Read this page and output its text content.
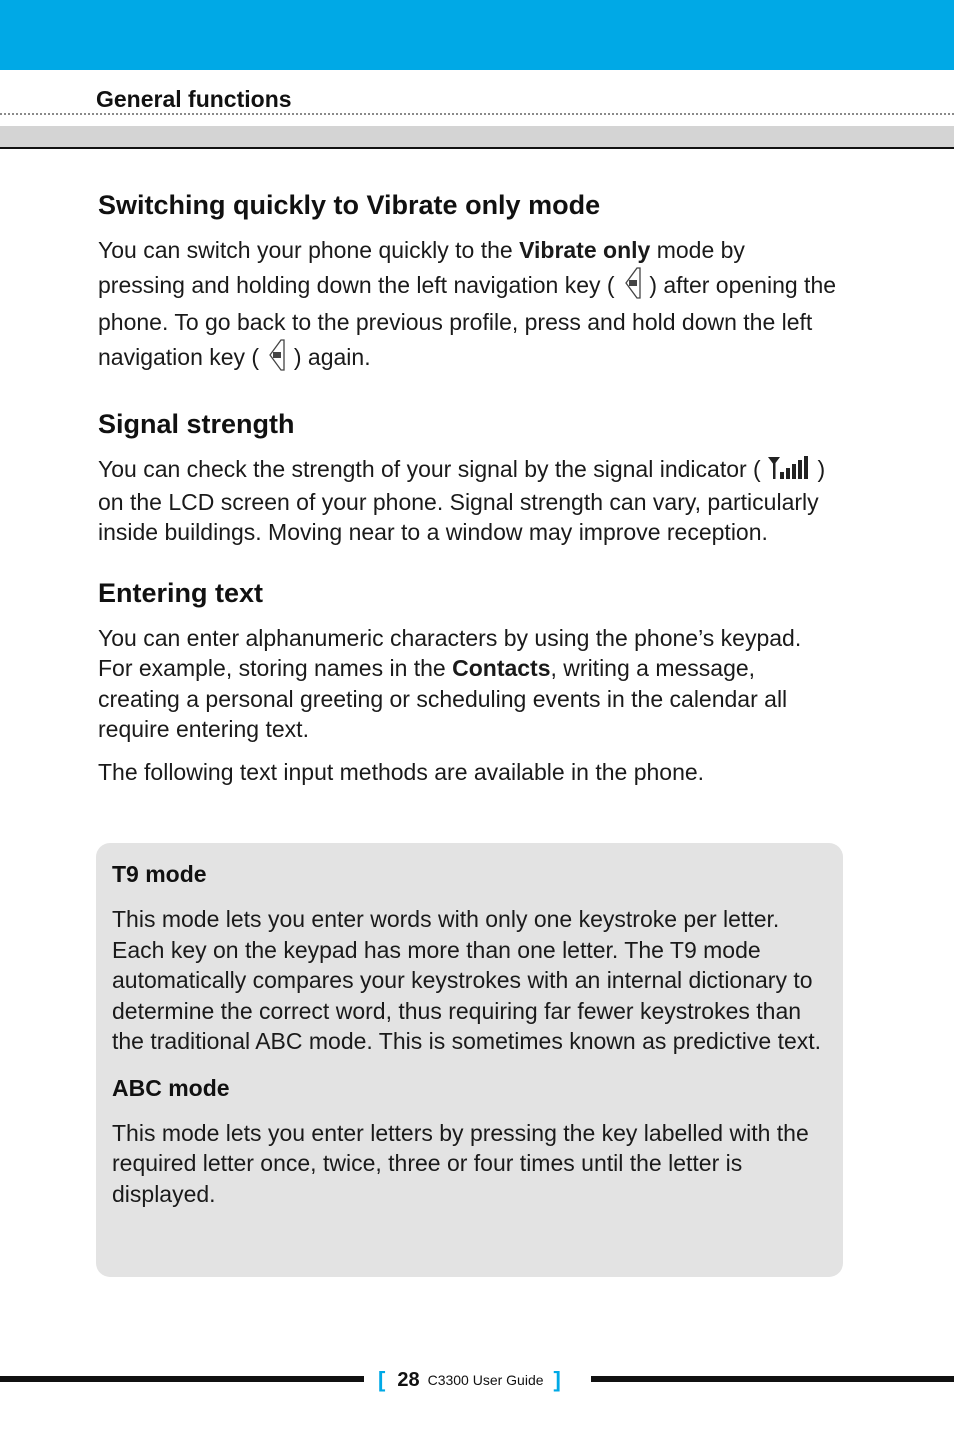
General functions
Switching quickly to Vibrate only mode

You can switch your phone quickly to the Vibrate only mode by pressing and holding down the left navigation key (  ) after opening the phone. To go back to the previous profile, press and hold down the left navigation key (  ) again.

Signal strength

You can check the strength of your signal by the signal indicator (  ) on the LCD screen of your phone. Signal strength can vary, particularly inside buildings. Moving near to a window may improve reception.

Entering text

You can enter alphanumeric characters by using the phone’s keypad. For example, storing names in the Contacts, writing a message, creating a personal greeting or scheduling events in the calendar all require entering text.

The following text input methods are available in the phone.

T9 mode

This mode lets you enter words with only one keystroke per letter. Each key on the keypad has more than one letter. The T9 mode automatically compares your keystrokes with an internal dictionary to determine the correct word, thus requiring far fewer keystrokes than the traditional ABC mode. This is sometimes known as predictive text.

ABC mode

This mode lets you enter letters by pressing the key labelled with the required letter once, twice, three or four times until the letter is displayed.

[ 28 C3300 User Guide ]
